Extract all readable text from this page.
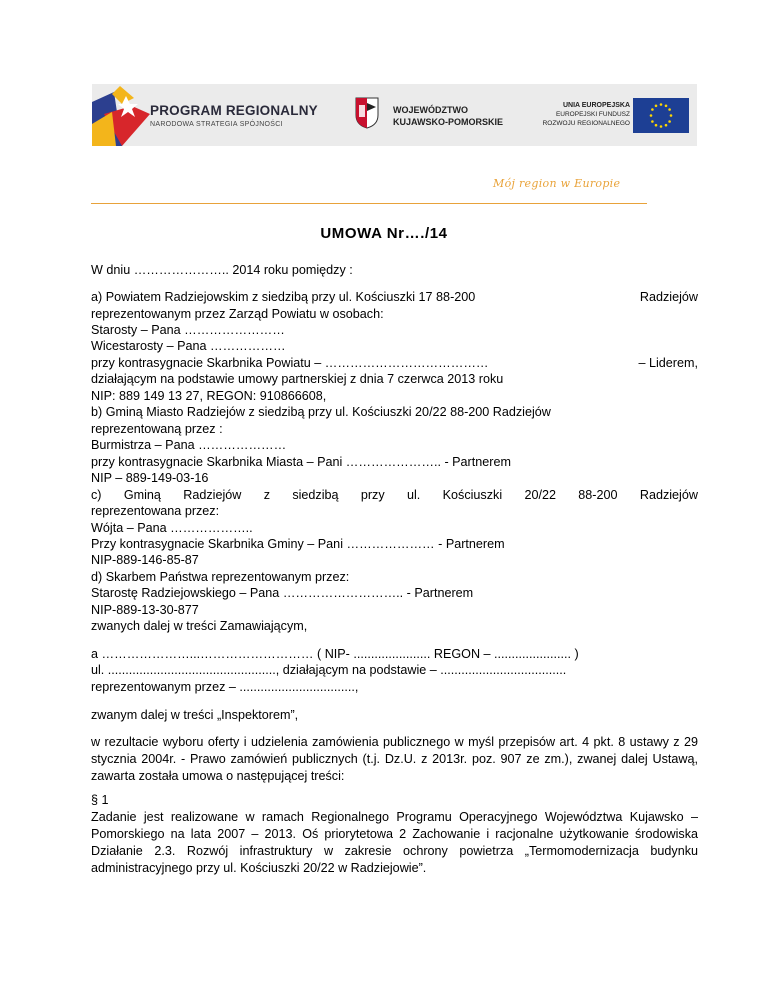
PROGRAM REGIONALNY
NARODOWA STRATEGIA SPÓJNOŚCI
WOJEWÓDZTWO
KUJAWSKO-POMORSKIE
UNIA EUROPEJSKA
EUROPEJSKI FUNDUSZ
ROZWOJU REGIONALNEGO
Mój region w Europie
UMOWA Nr…./14
W dniu ………………….. 2014 roku pomiędzy :
a) Powiatem Radziejowskim z siedzibą przy ul. Kościuszki 17 88-200	Radziejów
reprezentowanym przez Zarząd Powiatu w osobach:
Starosty – Pana ……………………
Wicestarosty – Pana ………………
przy kontrasygnacie Skarbnika Powiatu – …………………………………	– Liderem,
działającym na podstawie umowy partnerskiej z dnia 7 czerwca 2013 roku
NIP: 889 149 13 27, REGON: 910866608,
b) Gminą Miasto Radziejów z siedzibą przy ul. Kościuszki 20/22 88-200 Radziejów
reprezentowaną przez :
Burmistrza – Pana …………………
przy kontrasygnacie Skarbnika Miasta – Pani ………………….. - Partnerem
NIP – 889-149-03-16
c) Gminą Radziejów z siedzibą przy ul. Kościuszki 20/22 88-200 Radziejów
reprezentowana przez:
Wójta – Pana ………………..
Przy kontrasygnacie Skarbnika Gminy – Pani ………………… - Partnerem
NIP-889-146-85-87
d) Skarbem Państwa reprezentowanym przez:
Starostę Radziejowskiego – Pana ……………………….. - Partnerem
NIP-889-13-30-877
zwanych dalej w treści Zamawiającym,
a …………………...……………………… ( NIP- ...................... REGON – ...................... )
ul. ................................................, działającym na podstawie – ....................................
reprezentowanym przez – .................................,
zwanym dalej w treści „Inspektorem”,
w rezultacie wyboru oferty i udzielenia zamówienia publicznego w myśl przepisów art. 4 pkt. 8 ustawy z 29 stycznia 2004r. - Prawo zamówień publicznych (t.j. Dz.U. z 2013r. poz. 907 ze zm.), zwanej dalej Ustawą, zawarta została umowa o następującej treści:
§ 1
Zadanie jest realizowane w ramach Regionalnego Programu Operacyjnego Województwa Kujawsko – Pomorskiego na lata 2007 – 2013. Oś priorytetowa 2 Zachowanie i racjonalne użytkowanie środowiska Działanie 2.3. Rozwój infrastruktury w zakresie ochrony powietrza „Termomodernizacja budynku administracyjnego przy ul. Kościuszki 20/22 w Radziejowie”.
